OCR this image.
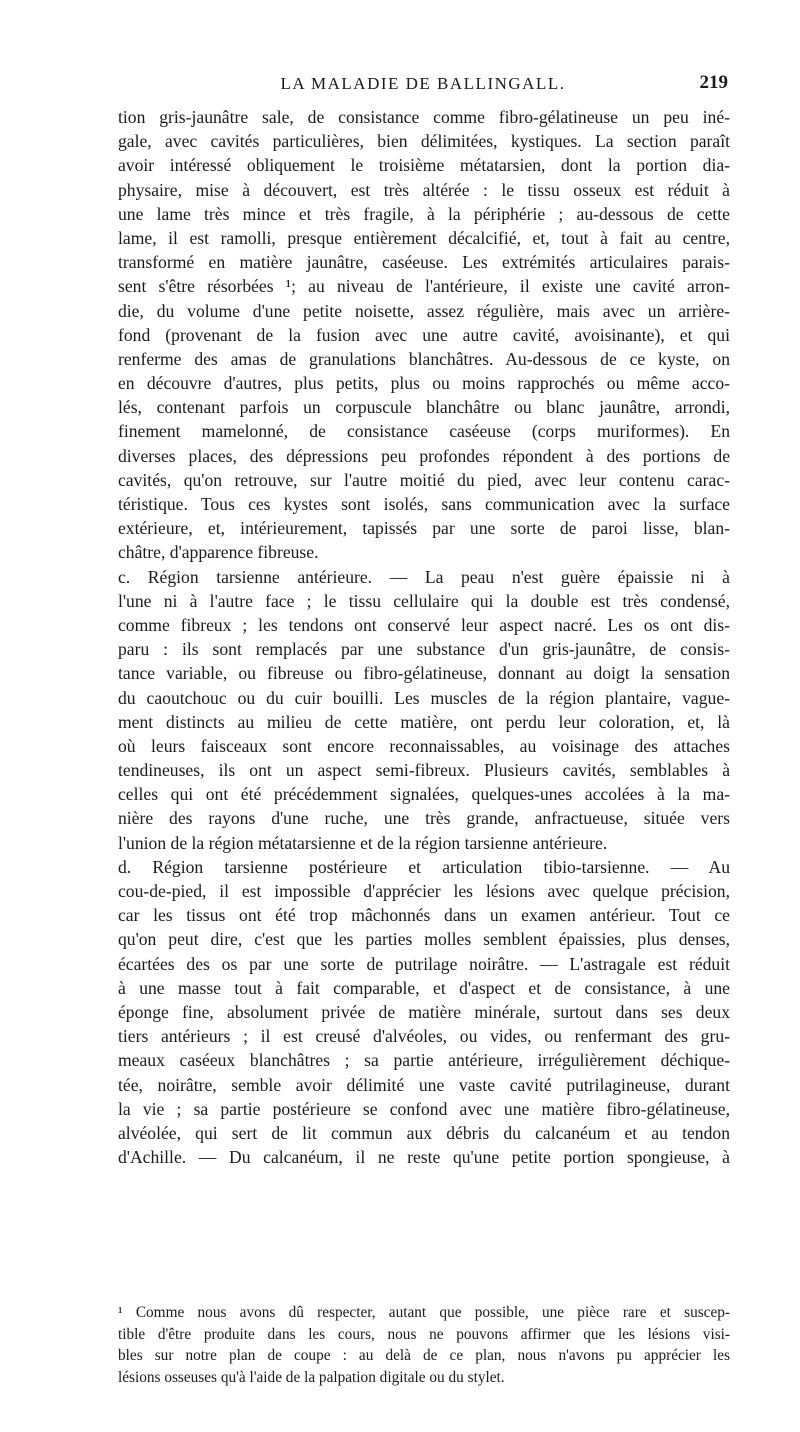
LA MALADIE DE BALLINGALL.	219
tion gris-jaunâtre sale, de consistance comme fibro-gélatineuse un peu iné-
gale, avec cavités particulières, bien délimitées, kystiques. La section paraît
avoir intéressé obliquement le troisième métatarsien, dont la portion dia-
physaire, mise à découvert, est très altérée : le tissu osseux est réduit à
une lame très mince et très fragile, à la périphérie ; au-dessous de cette
lame, il est ramolli, presque entièrement décalcifié, et, tout à fait au centre,
transformé en matière jaunâtre, caséeuse. Les extrémités articulaires parais-
sent s'être résorbées ¹; au niveau de l'antérieure, il existe une cavité arron-
die, du volume d'une petite noisette, assez régulière, mais avec un arrière-
fond (provenant de la fusion avec une autre cavité, avoisinante), et qui
renferme des amas de granulations blanchâtres. Au-dessous de ce kyste, on
en découvre d'autres, plus petits, plus ou moins rapprochés ou même acco-
lés, contenant parfois un corpuscule blanchâtre ou blanc jaunâtre, arrondi,
finement mamelonné, de consistance caséeuse (corps muriformes). En
diverses places, des dépressions peu profondes répondent à des portions de
cavités, qu'on retrouve, sur l'autre moitié du pied, avec leur contenu carac-
téristique. Tous ces kystes sont isolés, sans communication avec la surface
extérieure, et, intérieurement, tapissés par une sorte de paroi lisse, blan-
châtre, d'apparence fibreuse.
c. Région tarsienne antérieure. — La peau n'est guère épaissie ni à
l'une ni à l'autre face ; le tissu cellulaire qui la double est très condensé,
comme fibreux ; les tendons ont conservé leur aspect nacré. Les os ont dis-
paru : ils sont remplacés par une substance d'un gris-jaunâtre, de consis-
tance variable, ou fibreuse ou fibro-gélatineuse, donnant au doigt la sensation
du caoutchouc ou du cuir bouilli. Les muscles de la région plantaire, vague-
ment distincts au milieu de cette matière, ont perdu leur coloration, et, là
où leurs faisceaux sont encore reconnaissables, au voisinage des attaches
tendineuses, ils ont un aspect semi-fibreux. Plusieurs cavités, semblables à
celles qui ont été précédemment signalées, quelques-unes accolées à la ma-
nière des rayons d'une ruche, une très grande, anfractueuse, située vers
l'union de la région métatarsienne et de la région tarsienne antérieure.
d. Région tarsienne postérieure et articulation tibio-tarsienne. — Au
cou-de-pied, il est impossible d'apprécier les lésions avec quelque précision,
car les tissus ont été trop mâchonnés dans un examen antérieur. Tout ce
qu'on peut dire, c'est que les parties molles semblent épaissies, plus denses,
écartées des os par une sorte de putrilage noirâtre. — L'astragale est réduit
à une masse tout à fait comparable, et d'aspect et de consistance, à une
éponge fine, absolument privée de matière minérale, surtout dans ses deux
tiers antérieurs ; il est creusé d'alvéoles, ou vides, ou renfermant des gru-
meaux caséeux blanchâtres ; sa partie antérieure, irrégulièrement déchique-
tée, noirâtre, semble avoir délimité une vaste cavité putrilagineuse, durant
la vie ; sa partie postérieure se confond avec une matière fibro-gélatineuse,
alvéolée, qui sert de lit commun aux débris du calcanéum et au tendon
d'Achille. — Du calcanéum, il ne reste qu'une petite portion spongieuse, à
¹ Comme nous avons dû respecter, autant que possible, une pièce rare et suscep-
tible d'être produite dans les cours, nous ne pouvons affirmer que les lésions visi-
bles sur notre plan de coupe : au delà de ce plan, nous n'avons pu apprécier les
lésions osseuses qu'à l'aide de la palpation digitale ou du stylet.
